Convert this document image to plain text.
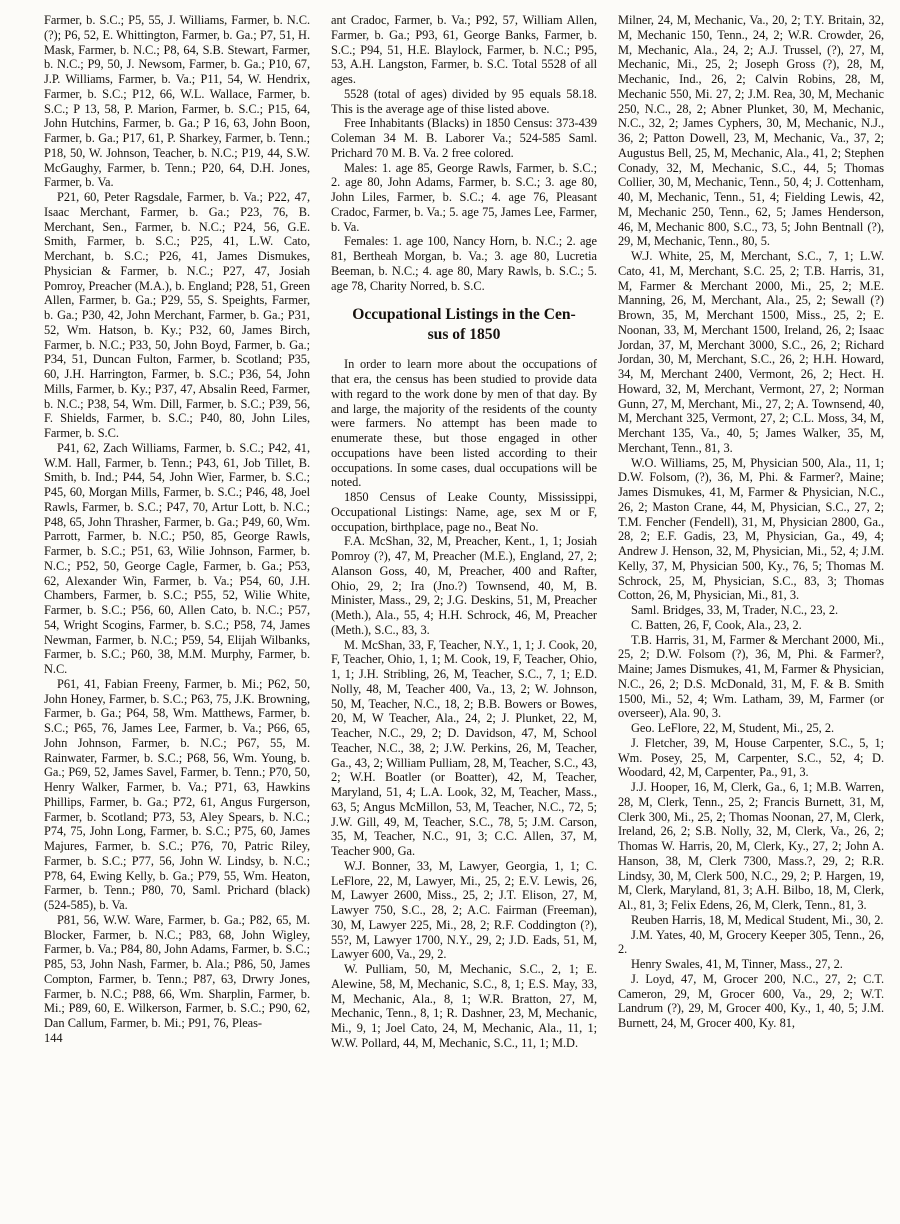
Farmer, b. S.C.; P5, 55, J. Williams, Farmer, b. N.C.(?); P6, 52, E. Whittington, Farmer, b. Ga.; P7, 51, H. Mask, Farmer, b. N.C.; P8, 64, S.B. Stewart, Farmer, b. N.C.; P9, 50, J. Newsom, Farmer, b. Ga.; P10, 67, J.P. Williams, Farmer, b. Va.; P11, 54, W. Hendrix, Farmer, b. S.C.; P12, 66, W.L. Wallace, Farmer, b. S.C.; P 13, 58, P. Marion, Farmer, b. S.C.; P15, 64, John Hutchins, Farmer, b. Ga.; P 16, 63, John Boon, Farmer, b. Ga.; P17, 61, P. Sharkey, Farmer, b. Tenn.; P18, 50, W. Johnson, Teacher, b. N.C.; P19, 44, S.W. McGaughy, Farmer, b. Tenn.; P20, 64, D.H. Jones, Farmer, b. Va.

P21, 60, Peter Ragsdale, Farmer, b. Va.; P22, 47, Isaac Merchant, Farmer, b. Ga.; P23, 76, B. Merchant, Sen., Farmer, b. N.C.; P24, 56, G.E. Smith, Farmer, b. S.C.; P25, 41, L.W. Cato, Merchant, b. S.C.; P26, 41, James Dismukes, Physician & Farmer, b. N.C.; P27, 47, Josiah Pomroy, Preacher (M.A.), b. England; P28, 51, Green Allen, Farmer, b. Ga.; P29, 55, S. Speights, Farmer, b. Ga.; P30, 42, John Merchant, Farmer, b. Ga.; P31, 52, Wm. Hatson, b. Ky.; P32, 60, James Birch, Farmer, b. N.C.; P33, 50, John Boyd, Farmer, b. Ga.; P34, 51, Duncan Fulton, Farmer, b. Scotland; P35, 60, J.H. Harrington, Farmer, b. S.C.; P36, 54, John Mills, Farmer, b. Ky.; P37, 47, Absalin Reed, Farmer, b. N.C.; P38, 54, Wm. Dill, Farmer, b. S.C.; P39, 56, F. Shields, Farmer, b. S.C.; P40, 80, John Liles, Farmer, b. S.C.

P41, 62, Zach Williams, Farmer, b. S.C.; P42, 41, W.M. Hall, Farmer, b. Tenn.; P43, 61, Job Tillet, B. Smith, b. Ind.; P44, 54, John Wier, Farmer, b. S.C.; P45, 60, Morgan Mills, Farmer, b. S.C.; P46, 48, Joel Rawls, Farmer, b. S.C.; P47, 70, Artur Lott, b. N.C.; P48, 65, John Thrasher, Farmer, b. Ga.; P49, 60, Wm. Parrott, Farmer, b. N.C.; P50, 85, George Rawls, Farmer, b. S.C.; P51, 63, Wilie Johnson, Farmer, b. N.C.; P52, 50, George Cagle, Farmer, b. Ga.; P53, 62, Alexander Win, Farmer, b. Va.; P54, 60, J.H. Chambers, Farmer, b. S.C.; P55, 52, Wilie White, Farmer, b. S.C.; P56, 60, Allen Cato, b. N.C.; P57, 54, Wright Scogins, Farmer, b. S.C.; P58, 74, James Newman, Farmer, b. N.C.; P59, 54, Elijah Wilbanks, Farmer, b. S.C.; P60, 38, M.M. Murphy, Farmer, b. N.C.

P61, 41, Fabian Freeny, Farmer, b. Mi.; P62, 50, John Honey, Farmer, b. S.C.; P63, 75, J.K. Browning, Farmer, b. Ga.; P64, 58, Wm. Matthews, Farmer, b. S.C.; P65, 76, James Lee, Farmer, b. Va.; P66, 65, John Johnson, Farmer, b. N.C.; P67, 55, M. Rainwater, Farmer, b. S.C.; P68, 56, Wm. Young, b. Ga.; P69, 52, James Savel, Farmer, b. Tenn.; P70, 50, Henry Walker, Farmer, b. Va.; P71, 63, Hawkins Phillips, Farmer, b. Ga.; P72, 61, Angus Furgerson, Farmer, b. Scotland; P73, 53, Aley Spears, b. N.C.; P74, 75, John Long, Farmer, b. S.C.; P75, 60, James Majures, Farmer, b. S.C.; P76, 70, Patric Riley, Farmer, b. S.C.; P77, 56, John W. Lindsy, b. N.C.; P78, 64, Ewing Kelly, b. Ga.; P79, 55, Wm. Heaton, Farmer, b. Tenn.; P80, 70, Saml. Prichard (black) (524-585), b. Va.

P81, 56, W.W. Ware, Farmer, b. Ga.; P82, 65, M. Blocker, Farmer, b. N.C.; P83, 68, John Wigley, Farmer, b. Va.; P84, 80, John Adams, Farmer, b. S.C.; P85, 53, John Nash, Farmer, b. Ala.; P86, 50, James Compton, Farmer, b. Tenn.; P87, 63, Drwry Jones, Farmer, b. N.C.; P88, 66, Wm. Sharplin, Farmer, b. Mi.; P89, 60, E. Wilkerson, Farmer, b. S.C.; P90, 62, Dan Callum, Farmer, b. Mi.; P91, 76, Pleas-

144

ant Cradoc, Farmer, b. Va.; P92, 57, William Allen, Farmer, b. Ga.; P93, 61, George Banks, Farmer, b. S.C.; P94, 51, H.E. Blaylock, Farmer, b. N.C.; P95, 53, A.H. Langston, Farmer, b. S.C. Total 5528 of all ages.

5528 (total of ages) divided by 95 equals 58.18. This is the average age of thise listed above.

Free Inhabitants (Blacks) in 1850 Census: 373-439 Coleman 34 M. B. Laborer Va.; 524-585 Saml. Prichard 70 M. B. Va. 2 free colored.

Males: 1. age 85, George Rawls, Farmer, b. S.C.; 2. age 80, John Adams, Farmer, b. S.C.; 3. age 80, John Liles, Farmer, b. S.C.; 4. age 76, Pleasant Cradoc, Farmer, b. Va.; 5. age 75, James Lee, Farmer, b. Va.

Females: 1. age 100, Nancy Horn, b. N.C.; 2. age 81, Bertheah Morgan, b. Va.; 3. age 80, Lucretia Beeman, b. N.C.; 4. age 80, Mary Rawls, b. S.C.; 5. age 78, Charity Norred, b. S.C.

Occupational Listings in the Cen-
sus of 1850

In order to learn more about the occupations of that era, the census has been studied to provide data with regard to the work done by men of that day. By and large, the majority of the residents of the county were farmers. No attempt has been made to enumerate these, but those engaged in other occupations have been listed according to their occupations. In some cases, dual occupations will be noted.

1850 Census of Leake County, Mississippi, Occupational Listings: Name, age, sex M or F, occupation, birthplace, page no., Beat No.

F.A. McShan, 32, M, Preacher, Kent., 1, 1; Josiah Pomroy (?), 47, M, Preacher (M.E.), England, 27, 2; Alanson Goss, 40, M, Preacher, 400 and Rafter, Ohio, 29, 2; Ira (Jno.?) Townsend, 40, M, B. Minister, Mass., 29, 2; J.G. Deskins, 51, M, Preacher (Meth.), Ala., 55, 4; H.H. Schrock, 46, M, Preacher (Meth.), S.C., 83, 3.

M. McShan, 33, F, Teacher, N.Y., 1, 1; J. Cook, 20, F, Teacher, Ohio, 1, 1; M. Cook, 19, F, Teacher, Ohio, 1, 1; J.H. Stribling, 26, M, Teacher, S.C., 7, 1; E.D. Nolly, 48, M, Teacher 400, Va., 13, 2; W. Johnson, 50, M, Teacher, N.C., 18, 2; B.B. Bowers or Bowes, 20, M, W Teacher, Ala., 24, 2; J. Plunket, 22, M, Teacher, N.C., 29, 2; D. Davidson, 47, M, School Teacher, N.C., 38, 2; J.W. Perkins, 26, M, Teacher, Ga., 43, 2; William Pulliam, 28, M, Teacher, S.C., 43, 2; W.H. Boatler (or Boatter), 42, M, Teacher, Maryland, 51, 4; L.A. Look, 32, M, Teacher, Mass., 63, 5; Angus McMillon, 53, M, Teacher, N.C., 72, 5; J.W. Gill, 49, M, Teacher, S.C., 78, 5; J.M. Carson, 35, M, Teacher, N.C., 91, 3; C.C. Allen, 37, M, Teacher 900, Ga.

W.J. Bonner, 33, M, Lawyer, Georgia, 1, 1; C. LeFlore, 22, M, Lawyer, Mi., 25, 2; E.V. Lewis, 26, M, Lawyer 2600, Miss., 25, 2; J.T. Elison, 27, M, Lawyer 750, S.C., 28, 2; A.C. Fairman (Freeman), 30, M, Lawyer 225, Mi., 28, 2; R.F. Coddington (?), 55?, M, Lawyer 1700, N.Y., 29, 2; J.D. Eads, 51, M, Lawyer 600, Va., 29, 2.

W. Pulliam, 50, M, Mechanic, S.C., 2, 1; E. Alewine, 58, M, Mechanic, S.C., 8, 1; E.S. May, 33, M, Mechanic, Ala., 8, 1; W.R. Bratton, 27, M, Mechanic, Tenn., 8, 1; R. Dashner, 23, M, Mechanic, Mi., 9, 1; Joel Cato, 24, M, Mechanic, Ala., 11, 1; W.W. Pollard, 44, M, Mechanic, S.C., 11, 1; M.D.

Milner, 24, M, Mechanic, Va., 20, 2; T.Y. Britain, 32, M, Mechanic 150, Tenn., 24, 2; W.R. Crowder, 26, M, Mechanic, Ala., 24, 2; A.J. Trussel, (?), 27, M, Mechanic, Mi., 25, 2; Joseph Gross (?), 28, M, Mechanic, Ind., 26, 2; Calvin Robins, 28, M, Mechanic 550, Mi. 27, 2; J.M. Rea, 30, M, Mechanic 250, N.C., 28, 2; Abner Plunket, 30, M, Mechanic, N.C., 32, 2; James Cyphers, 30, M, Mechanic, N.J., 36, 2; Patton Dowell, 23, M, Mechanic, Va., 37, 2; Augustus Bell, 25, M, Mechanic, Ala., 41, 2; Stephen Conady, 32, M, Mechanic, S.C., 44, 5; Thomas Collier, 30, M, Mechanic, Tenn., 50, 4; J. Cottenham, 40, M, Mechanic, Tenn., 51, 4; Fielding Lewis, 42, M, Mechanic 250, Tenn., 62, 5; James Henderson, 46, M, Mechanic 800, S.C., 73, 5; John Bentnall (?), 29, M, Mechanic, Tenn., 80, 5.

W.J. White, 25, M, Merchant, S.C., 7, 1; L.W. Cato, 41, M, Merchant, S.C. 25, 2; T.B. Harris, 31, M, Farmer & Merchant 2000, Mi., 25, 2; M.E. Manning, 26, M, Merchant, Ala., 25, 2; Sewall (?) Brown, 35, M, Merchant 1500, Miss., 25, 2; E. Noonan, 33, M, Merchant 1500, Ireland, 26, 2; Isaac Jordan, 37, M, Merchant 3000, S.C., 26, 2; Richard Jordan, 30, M, Merchant, S.C., 26, 2; H.H. Howard, 34, M, Merchant 2400, Vermont, 26, 2; Hect. H. Howard, 32, M, Merchant, Vermont, 27, 2; Norman Gunn, 27, M, Merchant, Mi., 27, 2; A. Townsend, 40, M, Merchant 325, Vermont, 27, 2; C.L. Moss, 34, M, Merchant 135, Va., 40, 5; James Walker, 35, M, Merchant, Tenn., 81, 3.

W.O. Williams, 25, M, Physician 500, Ala., 11, 1; D.W. Folsom, (?), 36, M, Phi. & Farmer?, Maine; James Dismukes, 41, M, Farmer & Physician, N.C., 26, 2; Maston Crane, 44, M, Physician, S.C., 27, 2; T.M. Fencher (Fendell), 31, M, Physician 2800, Ga., 28, 2; E.F. Gadis, 23, M, Physician, Ga., 49, 4; Andrew J. Henson, 32, M, Physician, Mi., 52, 4; J.M. Kelly, 37, M, Physician 500, Ky., 76, 5; Thomas M. Schrock, 25, M, Physician, S.C., 83, 3; Thomas Cotton, 26, M, Physician, Mi., 81, 3.

Saml. Bridges, 33, M, Trader, N.C., 23, 2.

C. Batten, 26, F, Cook, Ala., 23, 2.

T.B. Harris, 31, M, Farmer & Merchant 2000, Mi., 25, 2; D.W. Folsom (?), 36, M, Phi. & Farmer?, Maine; James Dismukes, 41, M, Farmer & Physician, N.C., 26, 2; D.S. McDonald, 31, M, F. & B. Smith 1500, Mi., 52, 4; Wm. Latham, 39, M, Farmer (or overseer), Ala. 90, 3.

Geo. LeFlore, 22, M, Student, Mi., 25, 2.

J. Fletcher, 39, M, House Carpenter, S.C., 5, 1; Wm. Posey, 25, M, Carpenter, S.C., 52, 4; D. Woodard, 42, M, Carpenter, Pa., 91, 3.

J.J. Hooper, 16, M, Clerk, Ga., 6, 1; M.B. Warren, 28, M, Clerk, Tenn., 25, 2; Francis Burnett, 31, M, Clerk 300, Mi., 25, 2; Thomas Noonan, 27, M, Clerk, Ireland, 26, 2; S.B. Nolly, 32, M, Clerk, Va., 26, 2; Thomas W. Harris, 20, M, Clerk, Ky., 27, 2; John A. Hanson, 38, M, Clerk 7300, Mass.?, 29, 2; R.R. Lindsy, 30, M, Clerk 500, N.C., 29, 2; P. Hargen, 19, M, Clerk, Maryland, 81, 3; A.H. Bilbo, 18, M, Clerk, Al., 81, 3; Felix Edens, 26, M, Clerk, Tenn., 81, 3.

Reuben Harris, 18, M, Medical Student, Mi., 30, 2.

J.M. Yates, 40, M, Grocery Keeper 305, Tenn., 26, 2.

Henry Swales, 41, M, Tinner, Mass., 27, 2.

J. Loyd, 47, M, Grocer 200, N.C., 27, 2; C.T. Cameron, 29, M, Grocer 600, Va., 29, 2; W.T. Landrum (?), 29, M, Grocer 400, Ky., 1, 40, 5; J.M. Burnett, 24, M, Grocer 400, Ky. 81,
